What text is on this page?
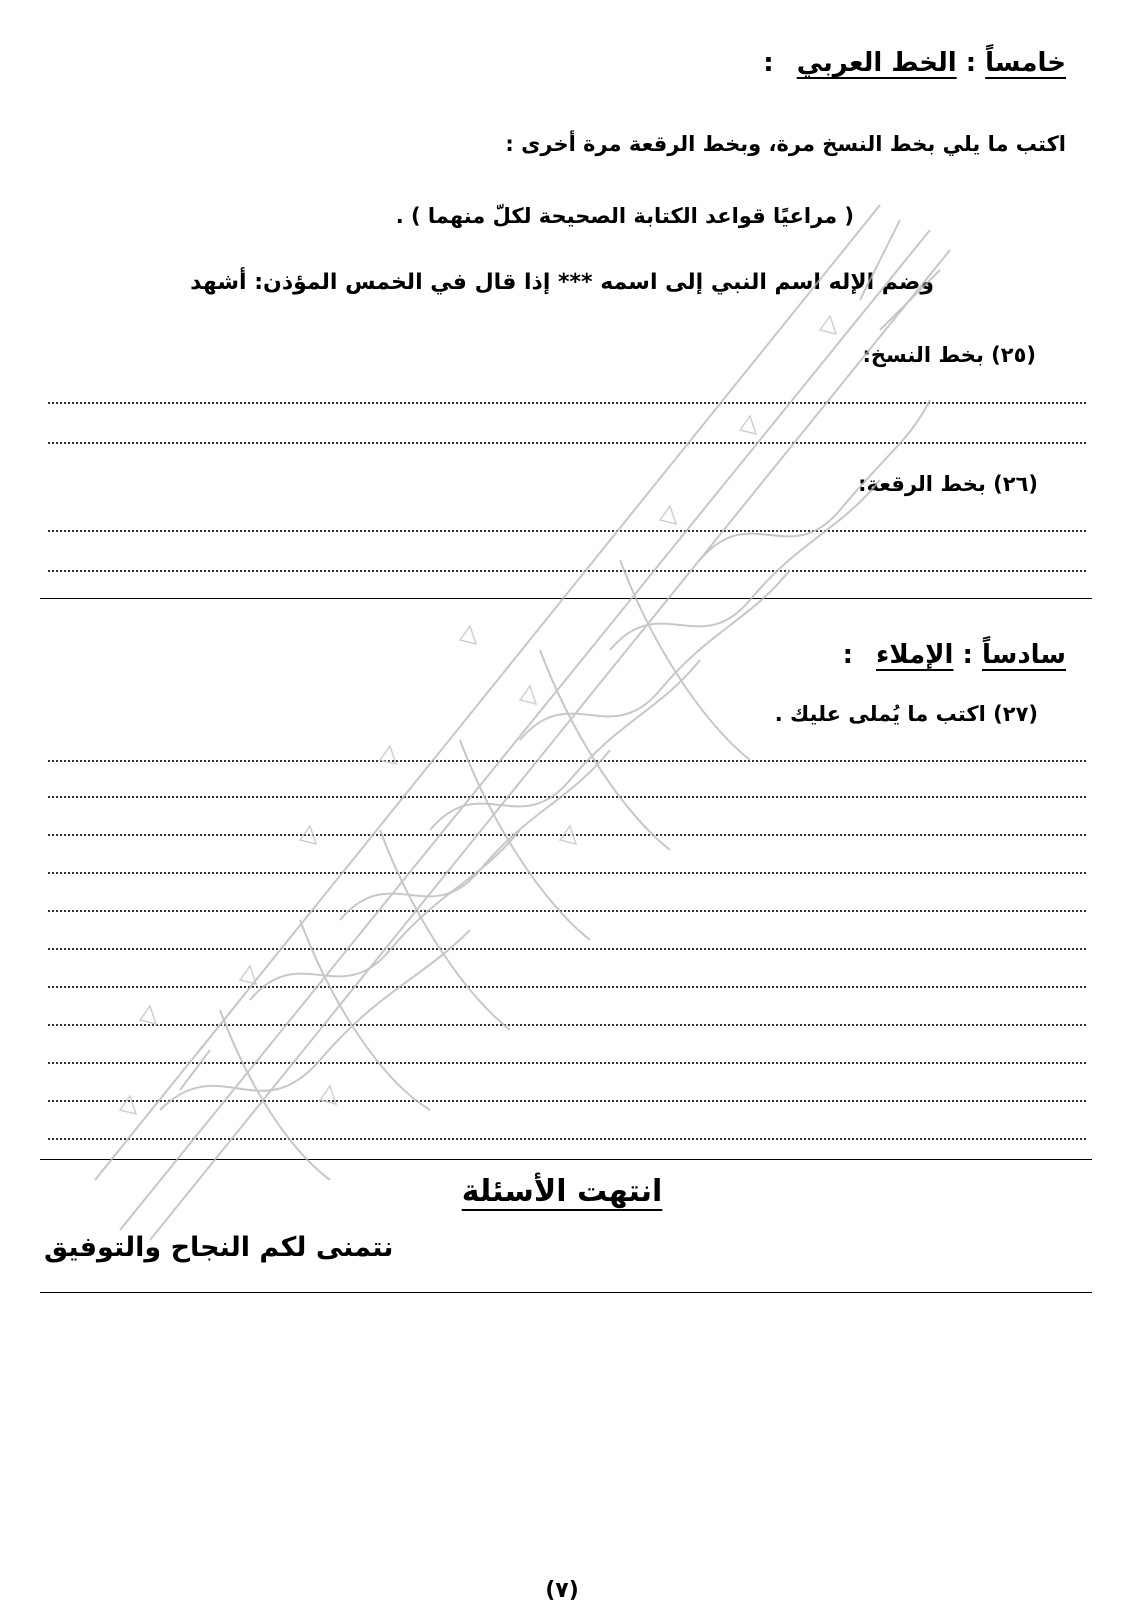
خامساً : الخط العربي :
اكتب ما يلي بخط النسخ مرة، وبخط الرقعة مرة أخرى :
( مراعيًا قواعد الكتابة الصحيحة لكلّ منهما ) .
وضم الإله اسم النبي إلى اسمه *** إذا قال في الخمس المؤذن: أشهد
(٢٥) بخط النسخ:
(٢٦) بخط الرقعة:
سادساً : الإملاء :
(٢٧) اكتب ما يُملى عليك .
انتهت الأسئلة
نتمنى لكم النجاح والتوفيق
(٧)
